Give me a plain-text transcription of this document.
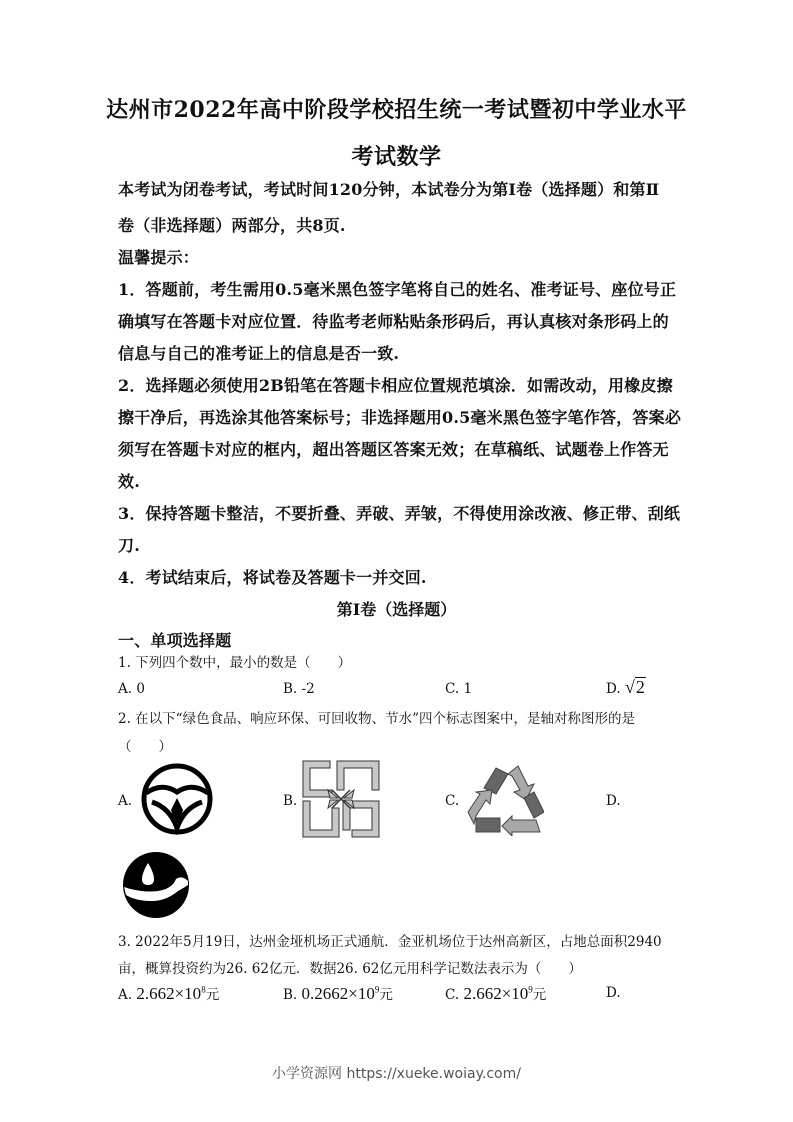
达州市2022年高中阶段学校招生统一考试暨初中学业水平
考试数学
本考试为闭卷考试，考试时间120分钟，本试卷分为第Ⅰ卷（选择题）和第Ⅱ
卷（非选择题）两部分，共8页.
温馨提示：
1．答题前，考生需用0.5毫米黑色签字笔将自己的姓名、准考证号、座位号正
确填写在答题卡对应位置．待监考老师粘贴条形码后，再认真核对条形码上的
信息与自己的准考证上的信息是否一致.
2．选择题必须使用2B铅笔在答题卡相应位置规范填涂．如需改动，用橡皮擦
擦干净后，再选涂其他答案标号；非选择题用0.5毫米黑色签字笔作答，答案必
须写在答题卡对应的框内，超出答题区答案无效；在草稿纸、试题卷上作答无
效.
3．保持答题卡整洁，不要折叠、弄破、弄皱，不得使用涂改液、修正带、刮纸
刀.
4．考试结束后，将试卷及答题卡一并交回.
第Ⅰ卷（选择题）
一、单项选择题
1. 下列四个数中，最小的数是（　　）
A. 0	B. -2	C. 1	D. √2
2. 在以下“绿色食品、响应环保、可回收物、节水”四个标志图案中，是轴对称图形的是
（　　）
A.	B.	C.	D.
3. 2022年5月19日，达州金垭机场正式通航．金亚机场位于达州高新区，占地总面积2940
亩，概算投资约为26. 62亿元．数据26. 62亿元用科学记数法表示为（　　）
A. $2.662\times 10^8$元	B. $0.2662\times 10^9$元	C. $2.662\times 10^9$元	D.
小学资源网 https://xueke.woiay.com/
